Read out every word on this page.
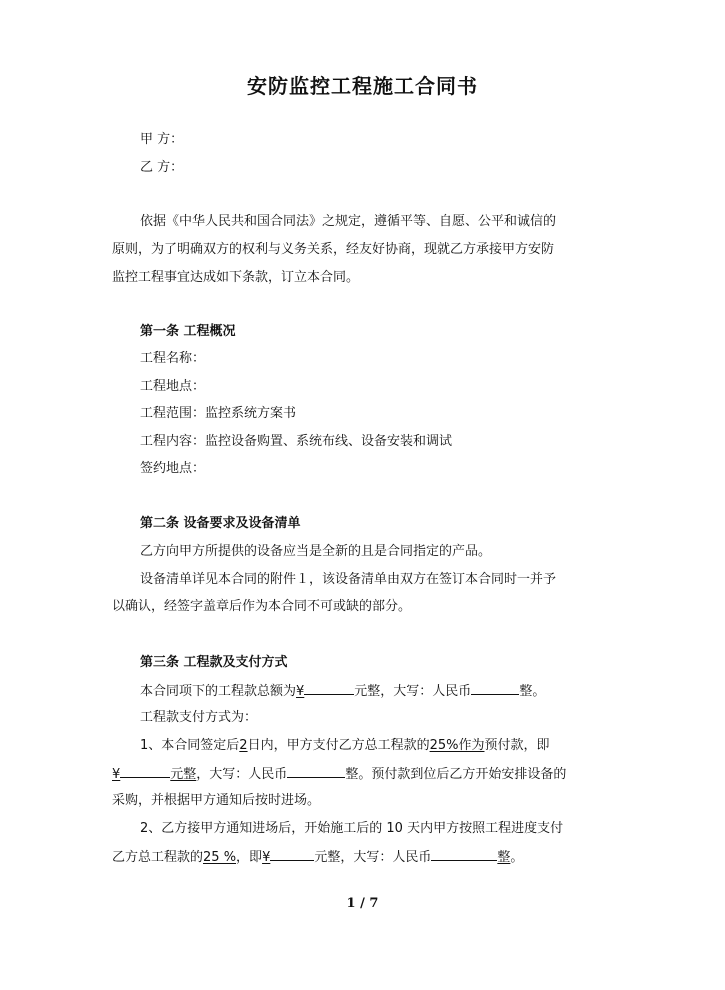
安防监控工程施工合同书
甲 方：
乙 方：
依据《中华人民共和国合同法》之规定，遵循平等、自愿、公平和诚信的
原则，为了明确双方的权利与义务关系，经友好协商，现就乙方承接甲方安防
监控工程事宜达成如下条款，订立本合同。
第一条 工程概况
工程名称：
工程地点：
工程范围：监控系统方案书
工程内容：监控设备购置、系统布线、设备安装和调试
签约地点：
第二条 设备要求及设备清单
乙方向甲方所提供的设备应当是全新的且是合同指定的产品。
设备清单详见本合同的附件１，该设备清单由双方在签订本合同时一并予
以确认，经签字盖章后作为本合同不可或缺的部分。
第三条 工程款及支付方式
本合同项下的工程款总额为¥	元整，大写：人民币	整。
工程款支付方式为：
1、本合同签定后2日内，甲方支付乙方总工程款的25%作为预付款，即
¥	元整，大写：人民币	整。预付款到位后乙方开始安排设备的
采购，并根据甲方通知后按时进场。
2、乙方接甲方通知进场后，开始施工后的 10 天内甲方按照工程进度支付
乙方总工程款的25 %，即¥	元整，大写：人民币	整。
1 / 7
